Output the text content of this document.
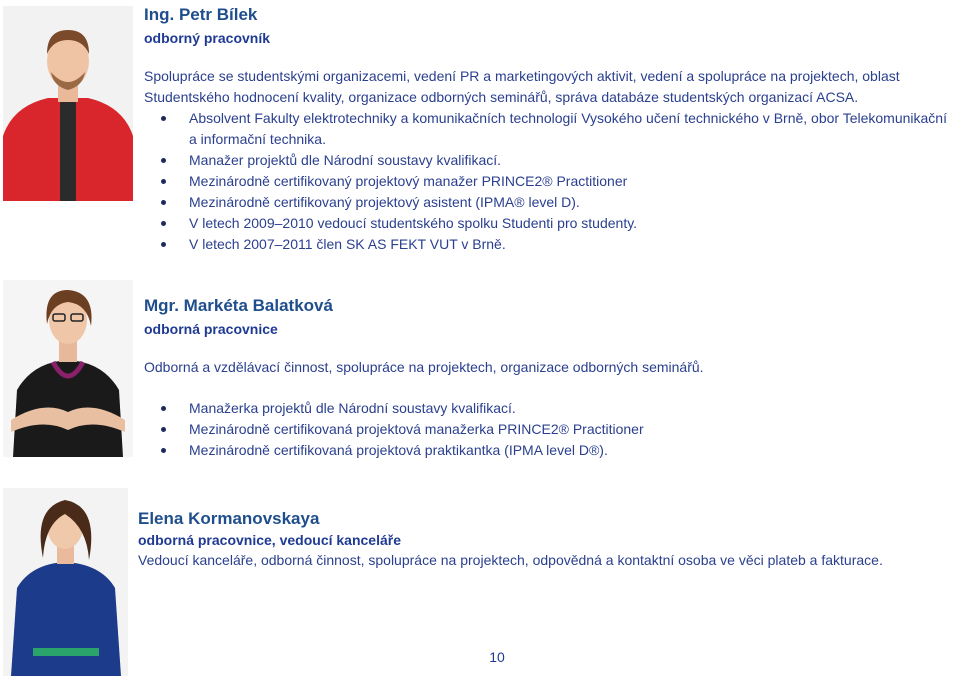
Ing. Petr Bílek
odborný pracovník
Spolupráce se studentskými organizacemi, vedení PR a marketingových aktivit, vedení a spolupráce na projektech, oblast Studentského hodnocení kvality, organizace odborných seminářů, správa databáze studentských organizací ACSA.
Absolvent Fakulty elektrotechniky a komunikačních technologií Vysokého učení technického v Brně, obor Telekomunikační a informační technika.
Manažer projektů dle Národní soustavy kvalifikací.
Mezinárodně certifikovaný projektový manažer PRINCE2® Practitioner
Mezinárodně certifikovaný projektový asistent (IPMA® level D).
V letech 2009–2010 vedoucí studentského spolku Studenti pro studenty.
V letech 2007–2011 člen SK AS FEKT VUT v Brně.
Mgr. Markéta Balatková
odborná pracovnice
Odborná a vzdělávací činnost, spolupráce na projektech, organizace odborných seminářů.
Manažerka projektů dle Národní soustavy kvalifikací.
Mezinárodně certifikovaná projektová manažerka PRINCE2® Practitioner
Mezinárodně certifikovaná projektová praktikantka (IPMA level D®).
Elena Kormanovskaya
odborná pracovnice, vedoucí kanceláře
Vedoucí kanceláře, odborná činnost, spolupráce na projektech, odpovědná a kontaktní osoba ve věci plateb a fakturace.
10
